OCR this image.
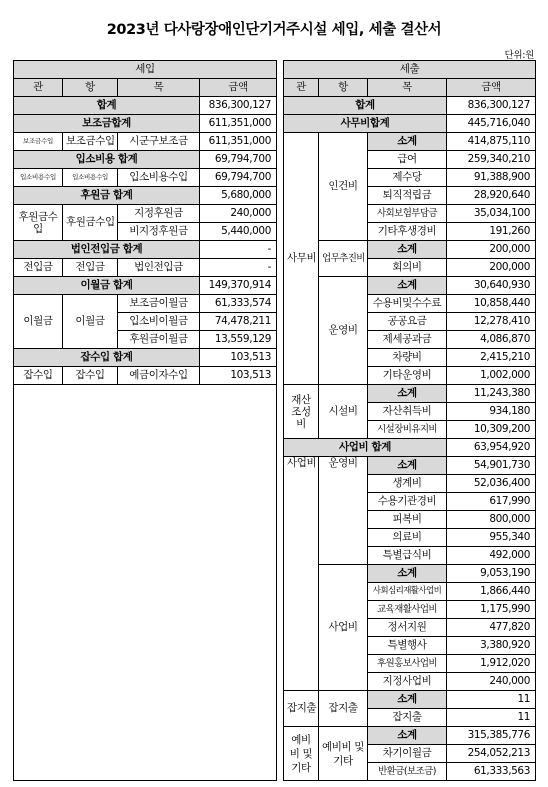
2023년 다사랑장애인단기거주시설 세입, 세출 결산서
단위:원
세입					세출			
관	항	목	금액		관	항	목	금액
합계			836,300,127		합계			836,300,127
보조금합계			611,351,000		사무비합계			445,716,040
보조금수입	보조금수입	시군구보조금	611,351,000		사무비	인건비	소계	414,875,110
입소비용 합계			69,794,700				급여	259,340,210
입소비용수입	입소비용수입	입소비용수입	69,794,700				제수당	91,388,900
후원금 합계			5,680,000				퇴직적립금	28,920,640
후원금수입	후원금수입	지정후원금	240,000				사회보험부담금	35,034,100
		비지정후원금	5,440,000				기타후생경비	191,260
법인전입금 합계			-			업무추진비	소계	200,000
전입금	전입금	법인전입금	-				회의비	200,000
이월금 합계			149,370,914			운영비	소계	30,640,930
이월금	이월금	보조금이월금	61,333,574				수용비및수수료	10,858,440
		입소비이월금	74,478,211				공공요금	12,278,410
		후원금이월금	13,559,129				제세공과금	4,086,870
잡수입 합계			103,513				차량비	2,415,210
잡수입	잡수입	예금이자수입	103,513				기타운영비	1,002,000
					재산조성비	시설비	소계	11,243,380
							자산취득비	934,180
							시설장비유지비	10,309,200
					사업비 합계			63,954,920
					사업비	운영비	소계	54,901,730
							생계비	52,036,400
							수용기관경비	617,990
							피복비	800,000
							의료비	955,340
							특별급식비	492,000
						사업비	소계	9,053,190
							사회심리재활사업비	1,866,440
							교육재활사업비	1,175,990
							정서지원	477,820
							특별행사	3,380,920
							후원홍보사업비	1,912,020
							지정사업비	240,000
					잡지출	잡지출	소계	11
							잡지출	11
					예비비 및 기타	예비비 및 기타	소계	315,385,776
							차기이월금	254,052,213
							반환금(보조금)	61,333,563
